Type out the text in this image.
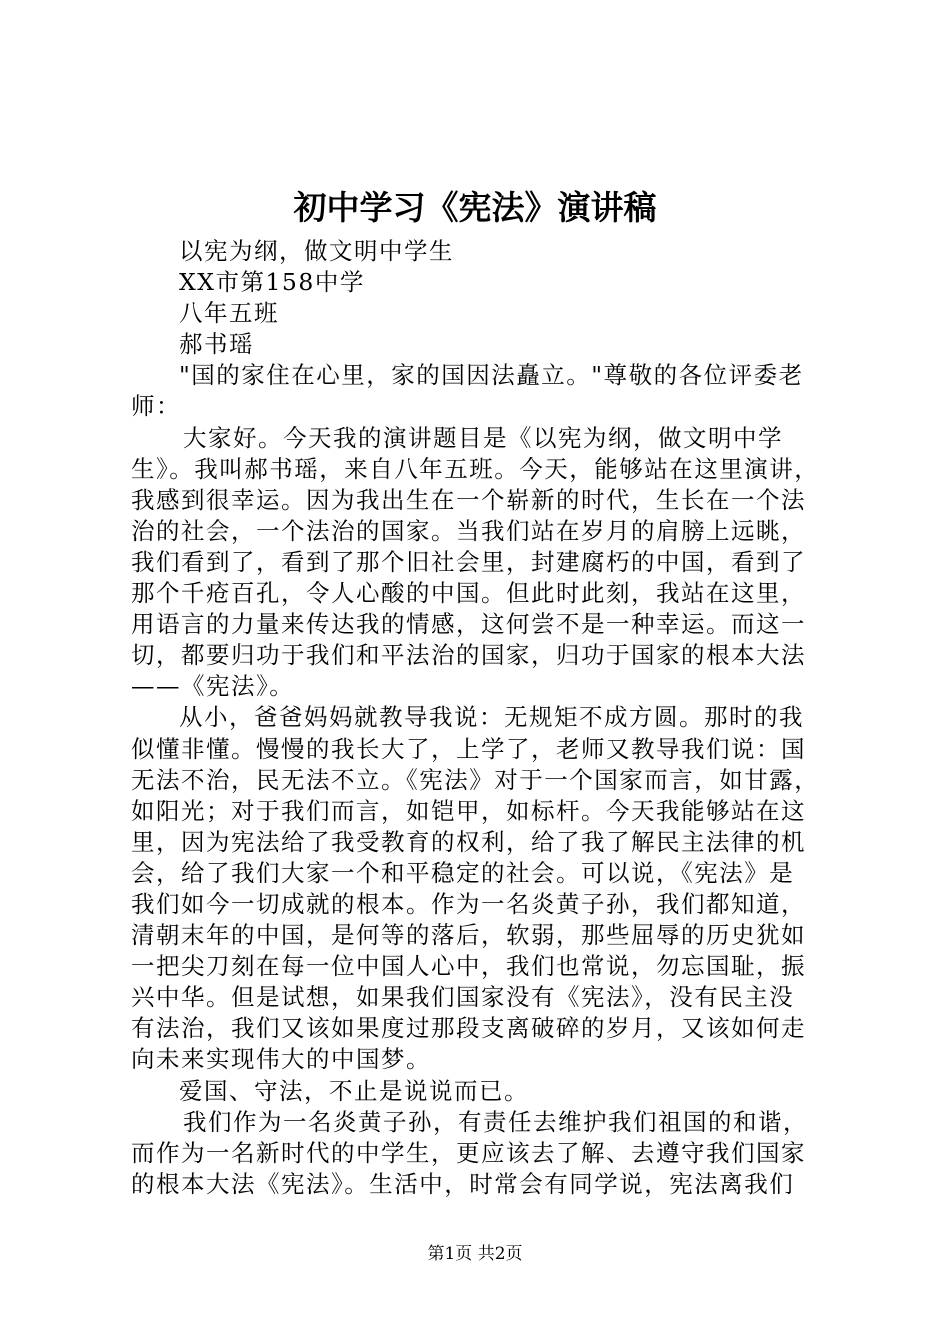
初中学习《宪法》演讲稿
以宪为纲，做文明中学生
XX市第158中学
八年五班
郝书瑶
"国的家住在心里，家的国因法矗立。"尊敬的各位评委老
师：
大家好。今天我的演讲题目是《以宪为纲，做文明中学
生》。我叫郝书瑶，来自八年五班。今天，能够站在这里演讲，
我感到很幸运。因为我出生在一个崭新的时代，生长在一个法
治的社会，一个法治的国家。当我们站在岁月的肩膀上远眺，
我们看到了，看到了那个旧社会里，封建腐朽的中国，看到了
那个千疮百孔，令人心酸的中国。但此时此刻，我站在这里，
用语言的力量来传达我的情感，这何尝不是一种幸运。而这一
切，都要归功于我们和平法治的国家，归功于国家的根本大法
——《宪法》。
从小，爸爸妈妈就教导我说：无规矩不成方圆。那时的我
似懂非懂。慢慢的我长大了，上学了，老师又教导我们说：国
无法不治，民无法不立。《宪法》对于一个国家而言，如甘露，
如阳光；对于我们而言，如铠甲，如标杆。今天我能够站在这
里，因为宪法给了我受教育的权利，给了我了解民主法律的机
会，给了我们大家一个和平稳定的社会。可以说，《宪法》是
我们如今一切成就的根本。作为一名炎黄子孙，我们都知道，
清朝末年的中国，是何等的落后，软弱，那些屈辱的历史犹如
一把尖刀刻在每一位中国人心中，我们也常说，勿忘国耻，振
兴中华。但是试想，如果我们国家没有《宪法》，没有民主没
有法治，我们又该如果度过那段支离破碎的岁月，又该如何走
向未来实现伟大的中国梦。
爱国、守法，不止是说说而已。
我们作为一名炎黄子孙，有责任去维护我们祖国的和谐，
而作为一名新时代的中学生，更应该去了解、去遵守我们国家
的根本大法《宪法》。生活中，时常会有同学说，宪法离我们
第1页 共2页
